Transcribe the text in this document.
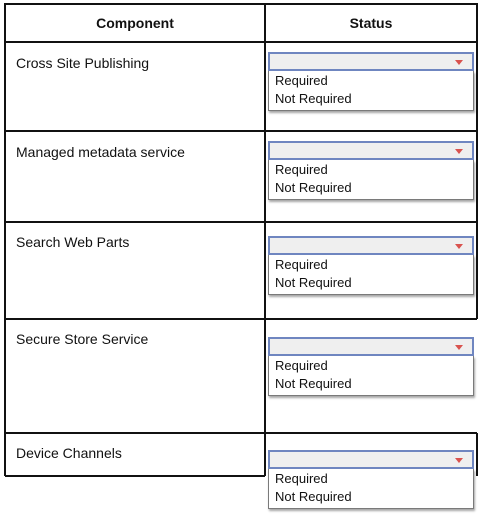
Component	Status
Cross Site Publishing
Managed metadata service
Search Web Parts
Secure Store Service
Device Channels
Required
Not Required
Required
Not Required
Required
Not Required
Required
Not Required
Required
Not Required
